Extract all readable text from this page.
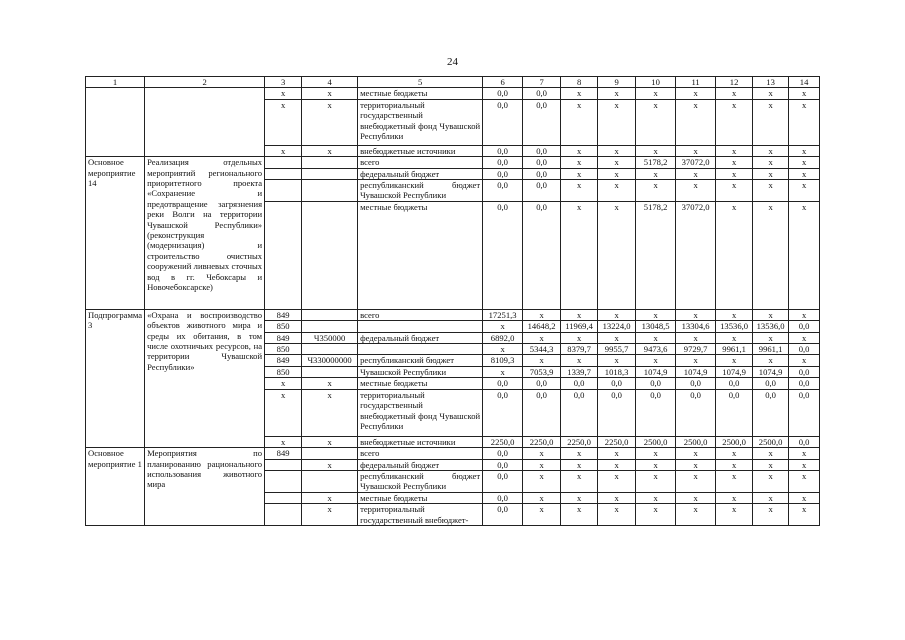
24
1	2	3	4	5	6	7	8	9	10	11	12	13	14
		х	х	местные бюджеты	0,0	0,0	х	х	х	х	х	х	х
		х	х	территориальный государственный внебюджетный фонд Чувашской Республики	0,0	0,0	х	х	х	х	х	х	х
		х	х	внебюджетные источники	0,0	0,0	х	х	х	х	х	х	х
Основное мероприятие 14	Реализация отдельных мероприятий регионального приоритетного проекта «Сохранение и предотвращение загрязнения реки Волги на территории Чувашской Республики» (реконструкция (модернизация) и строительство очистных сооружений ливневых сточных вод в гг. Чебоксары и Новочебоксарске)			всего	0,0	0,0	х	х	5178,2	37072,0	х	х	х
				федеральный бюджет	0,0	0,0	х	х	х	х	х	х	х
				республиканский бюджет Чувашской Республики	0,0	0,0	х	х	х	х	х	х	х
				местные бюджеты	0,0	0,0	х	х	5178,2	37072,0	х	х	х
Подпрограмма 3	«Охрана и воспроизводство объектов животного мира и среды их обитания, в том числе охотничьих ресурсов, на территории Чувашской Республики»	849		всего	17251,3	х	х	х	х	х	х	х	х
		850			х	14648,2	11969,4	13224,0	13048,5	13304,6	13536,0	13536,0	0,0
		849	Ч350000	федеральный бюджет	6892,0	х	х	х	х	х	х	х	х
		850			х	5344,3	8379,7	9955,7	9473,6	9729,7	9961,1	9961,1	0,0
		849	Ч330000000	республиканский бюджет	8109,3	х	х	х	х	х	х	х	х
		850		Чувашской Республики	х	7053,9	1339,7	1018,3	1074,9	1074,9	1074,9	1074,9	0,0
		х	х	местные бюджеты	0,0	0,0	0,0	0,0	0,0	0,0	0,0	0,0	0,0
		х	х	территориальный государственный внебюджетный фонд Чувашской Республики	0,0	0,0	0,0	0,0	0,0	0,0	0,0	0,0	0,0
		х	х	внебюджетные источники	2250,0	2250,0	2250,0	2250,0	2500,0	2500,0	2500,0	2500,0	0,0
Основное мероприятие 1	Мероприятия по планированию рационального использования животного мира	849		всего	0,0	х	х	х	х	х	х	х	х
			х	федеральный бюджет	0,0	х	х	х	х	х	х	х	х
				республиканский бюджет Чувашской Республики	0,0	х	х	х	х	х	х	х	х
			х	местные бюджеты	0,0	х	х	х	х	х	х	х	х
			х	территориальный государственный внебюджет-	0,0	х	х	х	х	х	х	х	х
